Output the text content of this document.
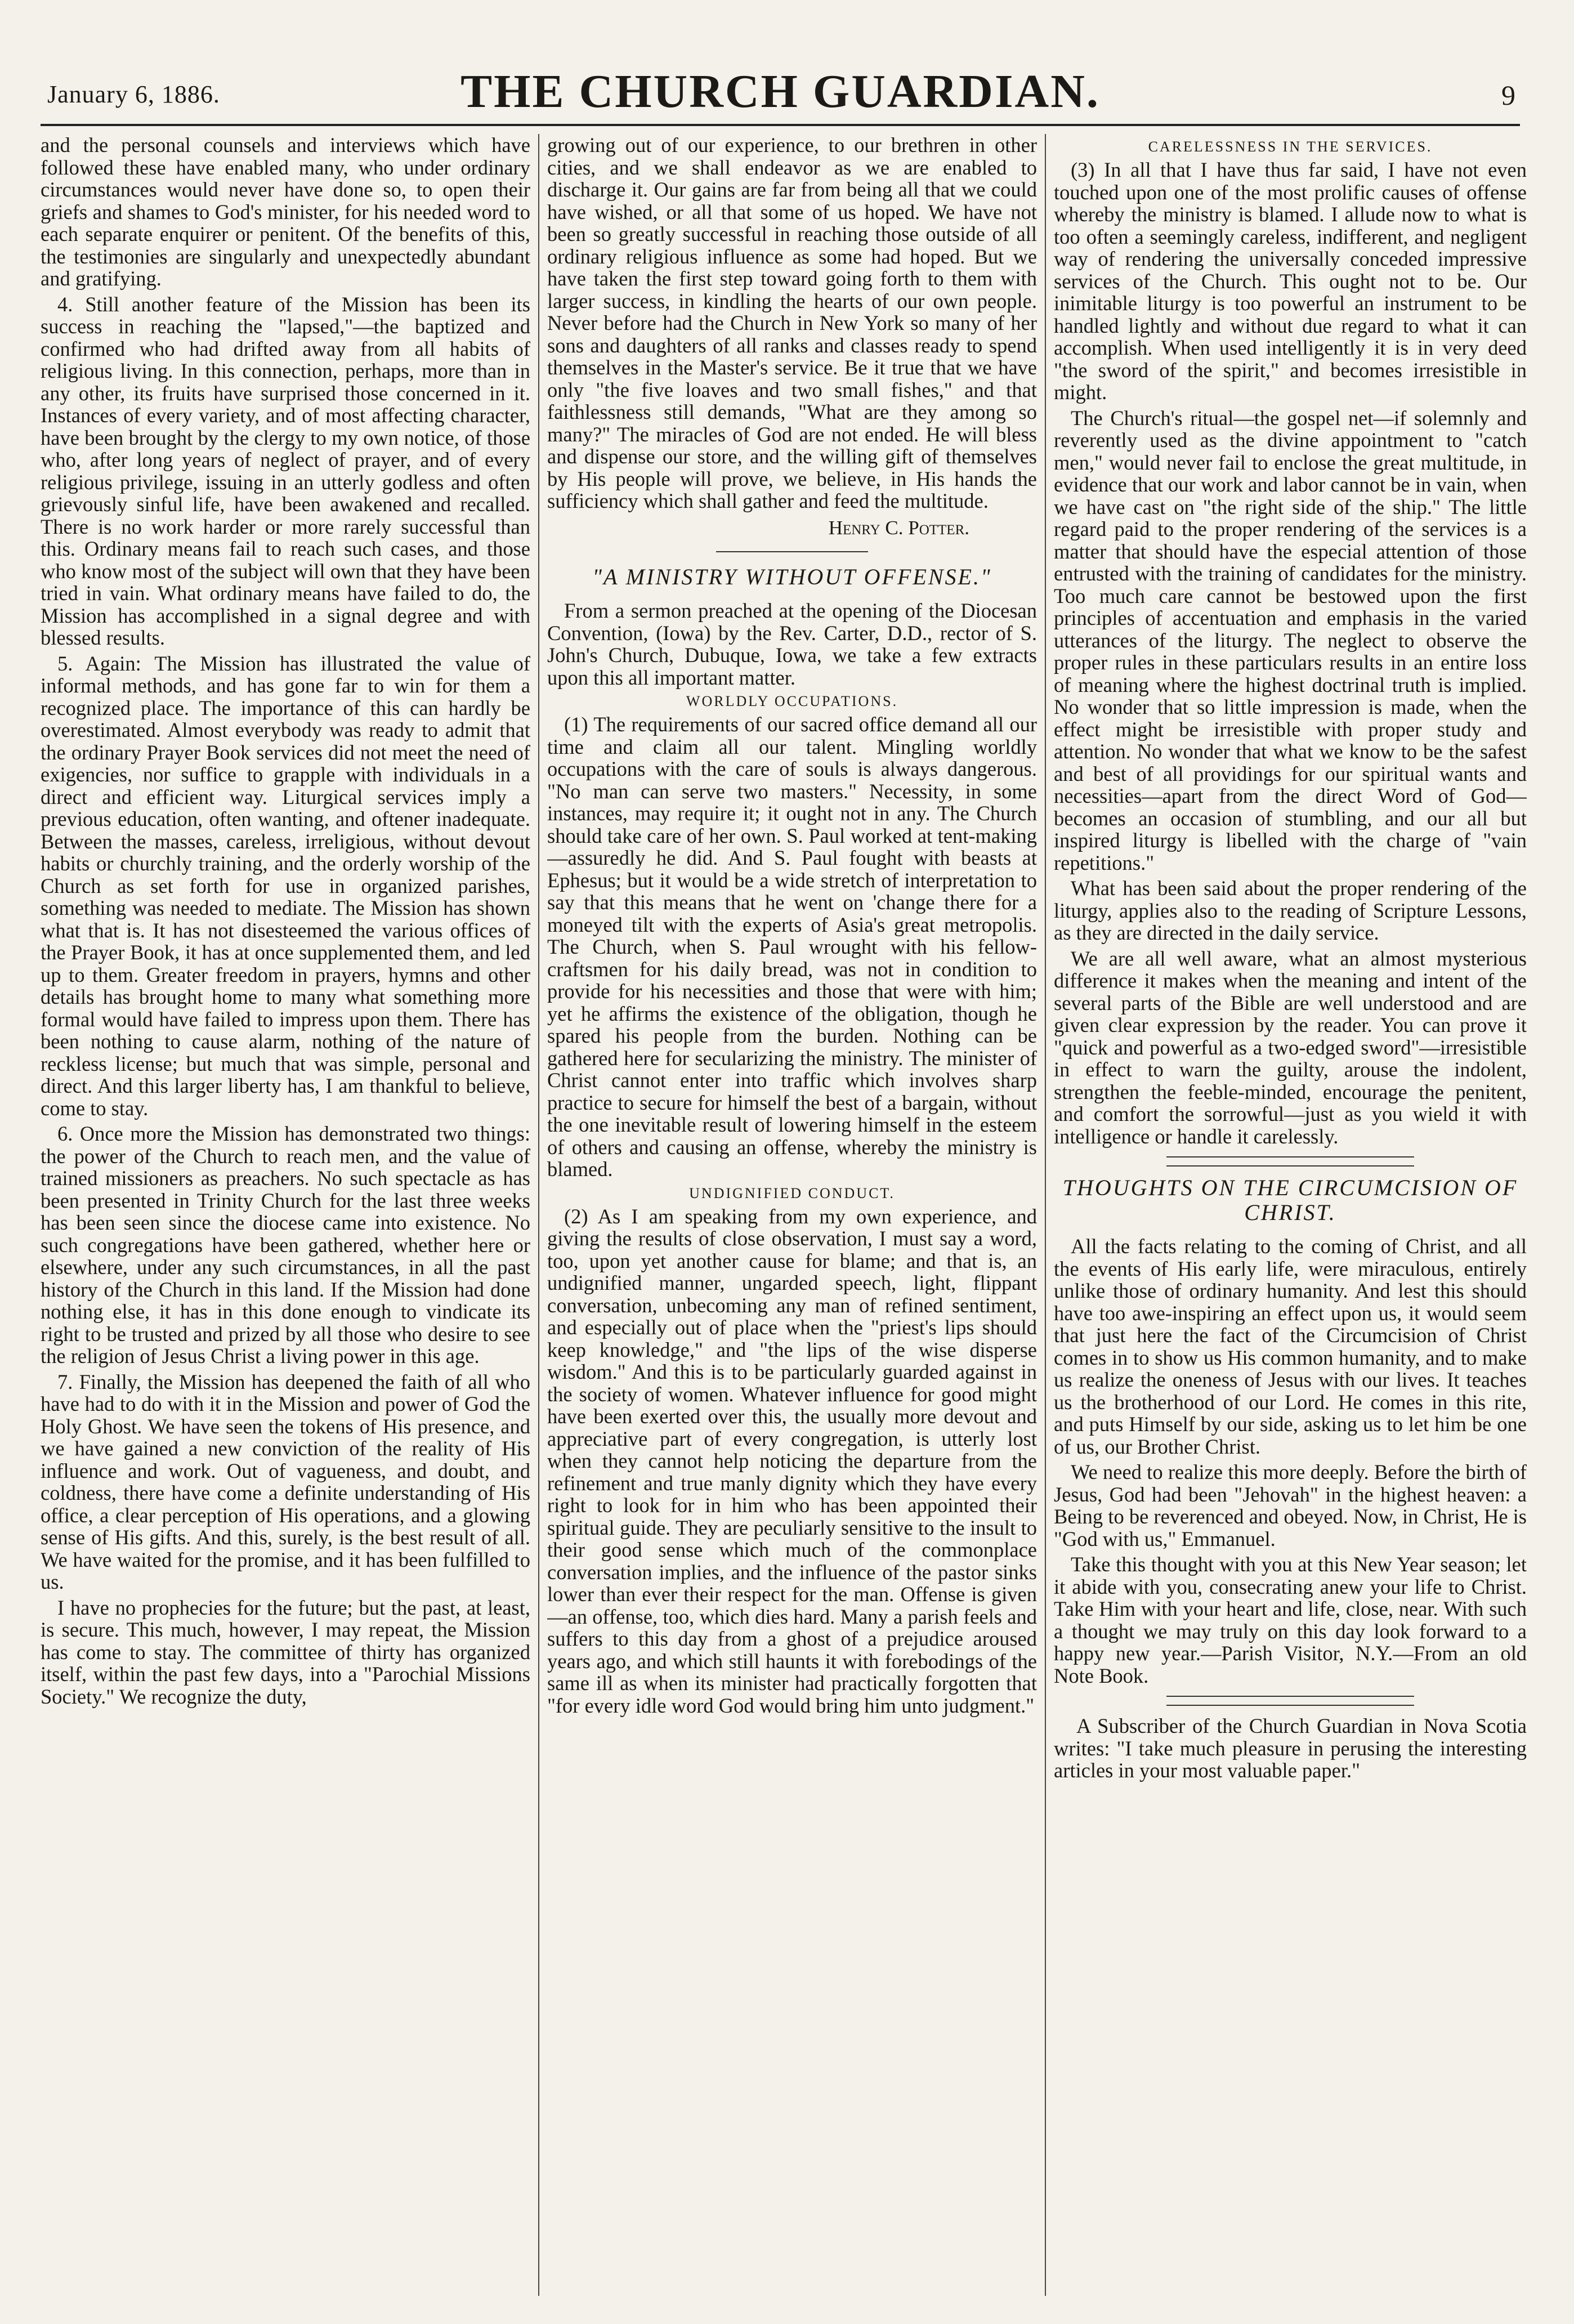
January 6, 1886.	THE CHURCH GUARDIAN.	9

and the personal counsels and interviews which have followed these have enabled many, who under ordinary circumstances would never have done so, to open their griefs and shames to God's minister, for his needed word to each separate enquirer or penitent. Of the benefits of this, the testimonies are singularly and unexpectedly abundant and gratifying.

4. Still another feature of the Mission has been its success in reaching the "lapsed,"—the baptized and confirmed who had drifted away from all habits of religious living. In this connection, perhaps, more than in any other, its fruits have surprised those concerned in it. Instances of every variety, and of most affecting character, have been brought by the clergy to my own notice, of those who, after long years of neglect of prayer, and of every religious privilege, issuing in an utterly godless and often grievously sinful life, have been awakened and recalled. There is no work harder or more rarely successful than this. Ordinary means fail to reach such cases, and those who know most of the subject will own that they have been tried in vain. What ordinary means have failed to do, the Mission has accomplished in a signal degree and with blessed results.

5. Again: The Mission has illustrated the value of informal methods, and has gone far to win for them a recognized place. The importance of this can hardly be overestimated. Almost everybody was ready to admit that the ordinary Prayer Book services did not meet the need of exigencies, nor suffice to grapple with individuals in a direct and efficient way. Liturgical services imply a previous education, often wanting, and oftener inadequate. Between the masses, careless, irreligious, without devout habits or churchly training, and the orderly worship of the Church as set forth for use in organized parishes, something was needed to mediate. The Mission has shown what that is. It has not disesteemed the various offices of the Prayer Book, it has at once supplemented them, and led up to them. Greater freedom in prayers, hymns and other details has brought home to many what something more formal would have failed to impress upon them. There has been nothing to cause alarm, nothing of the nature of reckless license; but much that was simple, personal and direct. And this larger liberty has, I am thankful to believe, come to stay.

6. Once more the Mission has demonstrated two things: the power of the Church to reach men, and the value of trained missioners as preachers. No such spectacle as has been presented in Trinity Church for the last three weeks has been seen since the diocese came into existence. No such congregations have been gathered, whether here or elsewhere, under any such circumstances, in all the past history of the Church in this land. If the Mission had done nothing else, it has in this done enough to vindicate its right to be trusted and prized by all those who desire to see the religion of Jesus Christ a living power in this age.

7. Finally, the Mission has deepened the faith of all who have had to do with it in the Mission and power of God the Holy Ghost. We have seen the tokens of His presence, and we have gained a new conviction of the reality of His influence and work. Out of vagueness, and doubt, and coldness, there have come a definite understanding of His office, a clear perception of His operations, and a glowing sense of His gifts. And this, surely, is the best result of all. We have waited for the promise, and it has been fulfilled to us.

I have no prophecies for the future; but the past, at least, is secure. This much, however, I may repeat, the Mission has come to stay. The committee of thirty has organized itself, within the past few days, into a "Parochial Missions Society." We recognize the duty,

growing out of our experience, to our brethren in other cities, and we shall endeavor as we are enabled to discharge it. Our gains are far from being all that we could have wished, or all that some of us hoped. We have not been so greatly successful in reaching those outside of all ordinary religious influence as some had hoped. But we have taken the first step toward going forth to them with larger success, in kindling the hearts of our own people. Never before had the Church in New York so many of her sons and daughters of all ranks and classes ready to spend themselves in the Master's service. Be it true that we have only "the five loaves and two small fishes," and that faithlessness still demands, "What are they among so many?" The miracles of God are not ended. He will bless and dispense our store, and the willing gift of themselves by His people will prove, we believe, in His hands the sufficiency which shall gather and feed the multitude.

Henry C. Potter.

"A MINISTRY WITHOUT OFFENSE."

From a sermon preached at the opening of the Diocesan Convention, (Iowa) by the Rev. Carter, D.D., rector of S. John's Church, Dubuque, Iowa, we take a few extracts upon this all important matter.

WORLDLY OCCUPATIONS.

(1) The requirements of our sacred office demand all our time and claim all our talent. Mingling worldly occupations with the care of souls is always dangerous. "No man can serve two masters." Necessity, in some instances, may require it; it ought not in any. The Church should take care of her own. S. Paul worked at tent-making—assuredly he did. And S. Paul fought with beasts at Ephesus; but it would be a wide stretch of interpretation to say that this means that he went on 'change there for a moneyed tilt with the experts of Asia's great metropolis. The Church, when S. Paul wrought with his fellow-craftsmen for his daily bread, was not in condition to provide for his necessities and those that were with him; yet he affirms the existence of the obligation, though he spared his people from the burden. Nothing can be gathered here for secularizing the ministry. The minister of Christ cannot enter into traffic which involves sharp practice to secure for himself the best of a bargain, without the one inevitable result of lowering himself in the esteem of others and causing an offense, whereby the ministry is blamed.

UNDIGNIFIED CONDUCT.

(2) As I am speaking from my own experience, and giving the results of close observation, I must say a word, too, upon yet another cause for blame; and that is, an undignified manner, ungarded speech, light, flippant conversation, unbecoming any man of refined sentiment, and especially out of place when the "priest's lips should keep knowledge," and "the lips of the wise disperse wisdom." And this is to be particularly guarded against in the society of women. Whatever influence for good might have been exerted over this, the usually more devout and appreciative part of every congregation, is utterly lost when they cannot help noticing the departure from the refinement and true manly dignity which they have every right to look for in him who has been appointed their spiritual guide. They are peculiarly sensitive to the insult to their good sense which much of the commonplace conversation implies, and the influence of the pastor sinks lower than ever their respect for the man. Offense is given—an offense, too, which dies hard. Many a parish feels and suffers to this day from a ghost of a prejudice aroused years ago, and which still haunts it with forebodings of the same ill as when its minister had practically forgotten that "for every idle word God would bring him unto judgment."

CARELESSNESS IN THE SERVICES.

(3) In all that I have thus far said, I have not even touched upon one of the most prolific causes of offense whereby the ministry is blamed. I allude now to what is too often a seemingly careless, indifferent, and negligent way of rendering the universally conceded impressive services of the Church. This ought not to be. Our inimitable liturgy is too powerful an instrument to be handled lightly and without due regard to what it can accomplish. When used intelligently it is in very deed "the sword of the spirit," and becomes irresistible in might.

The Church's ritual—the gospel net—if solemnly and reverently used as the divine appointment to "catch men," would never fail to enclose the great multitude, in evidence that our work and labor cannot be in vain, when we have cast on "the right side of the ship." The little regard paid to the proper rendering of the services is a matter that should have the especial attention of those entrusted with the training of candidates for the ministry. Too much care cannot be bestowed upon the first principles of accentuation and emphasis in the varied utterances of the liturgy. The neglect to observe the proper rules in these particulars results in an entire loss of meaning where the highest doctrinal truth is implied. No wonder that so little impression is made, when the effect might be irresistible with proper study and attention. No wonder that what we know to be the safest and best of all providings for our spiritual wants and necessities—apart from the direct Word of God—becomes an occasion of stumbling, and our all but inspired liturgy is libelled with the charge of "vain repetitions."

What has been said about the proper rendering of the liturgy, applies also to the reading of Scripture Lessons, as they are directed in the daily service.

We are all well aware, what an almost mysterious difference it makes when the meaning and intent of the several parts of the Bible are well understood and are given clear expression by the reader. You can prove it "quick and powerful as a two-edged sword"—irresistible in effect to warn the guilty, arouse the indolent, strengthen the feeble-minded, encourage the penitent, and comfort the sorrowful—just as you wield it with intelligence or handle it carelessly.

THOUGHTS ON THE CIRCUMCISION OF CHRIST.

All the facts relating to the coming of Christ, and all the events of His early life, were miraculous, entirely unlike those of ordinary humanity. And lest this should have too awe-inspiring an effect upon us, it would seem that just here the fact of the Circumcision of Christ comes in to show us His common humanity, and to make us realize the oneness of Jesus with our lives. It teaches us the brotherhood of our Lord. He comes in this rite, and puts Himself by our side, asking us to let him be one of us, our Brother Christ.

We need to realize this more deeply. Before the birth of Jesus, God had been "Jehovah" in the highest heaven: a Being to be reverenced and obeyed. Now, in Christ, He is "God with us," Emmanuel.

Take this thought with you at this New Year season; let it abide with you, consecrating anew your life to Christ. Take Him with your heart and life, close, near. With such a thought we may truly on this day look forward to a happy new year.—Parish Visitor, N.Y.—From an old Note Book.

A Subscriber of the Church Guardian in Nova Scotia writes: "I take much pleasure in perusing the interesting articles in your most valuable paper."
